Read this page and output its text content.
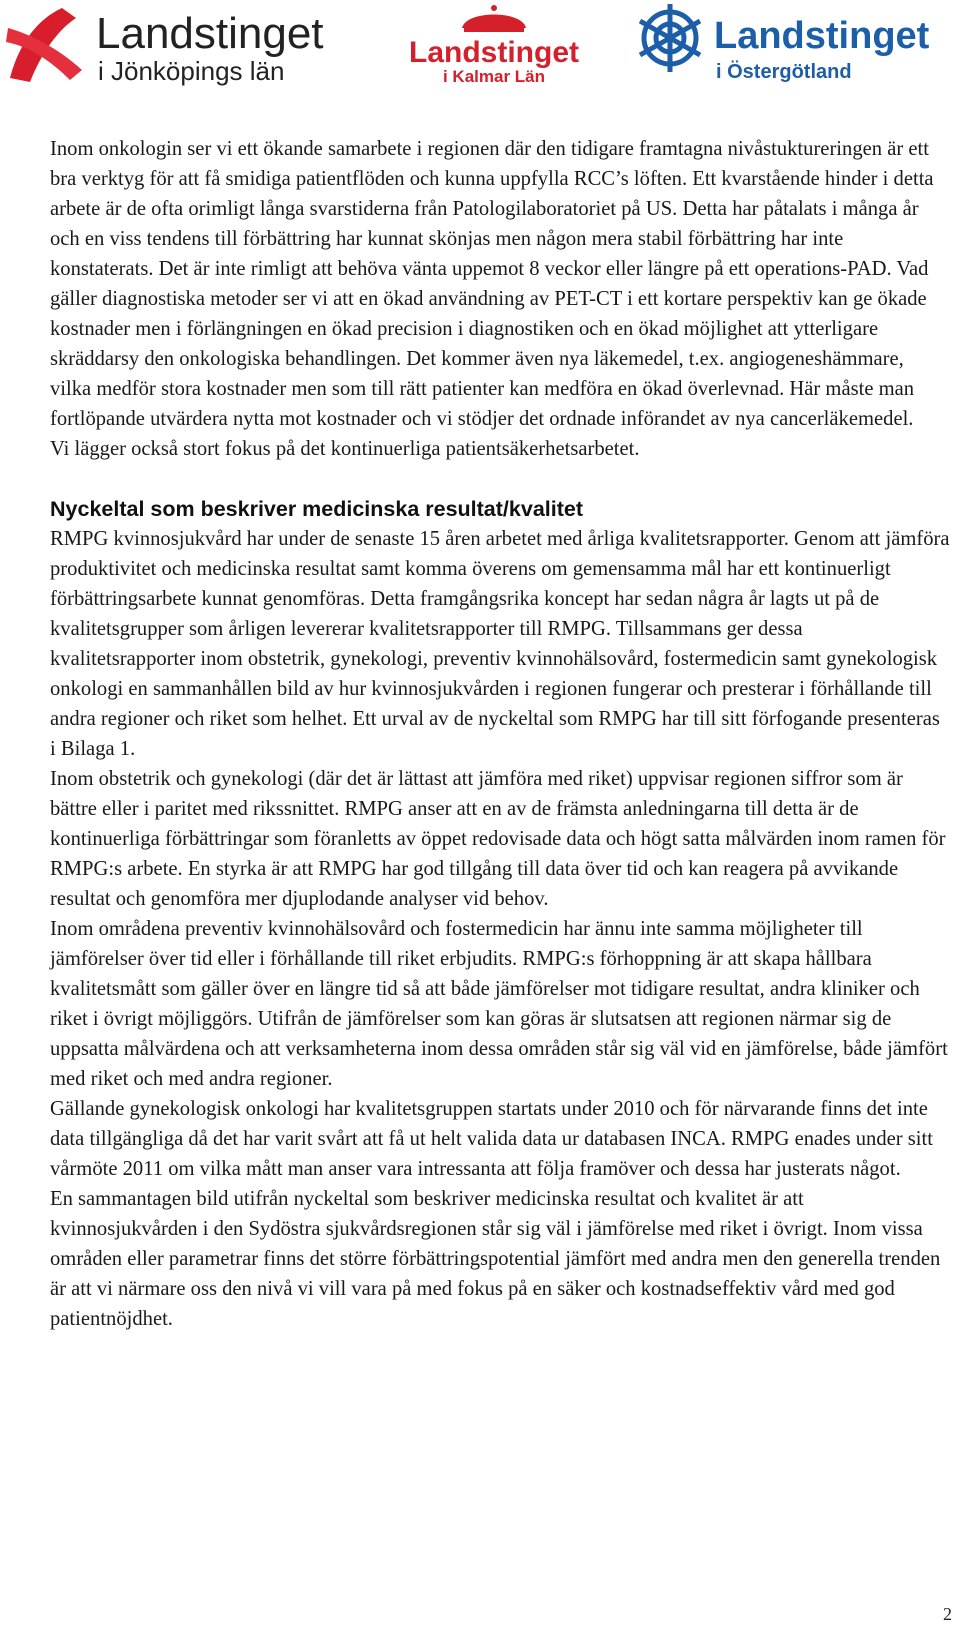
Landstinget
i Jönköpings län
Landstinget
i Kalmar Län
Landstinget
i Östergötland

Inom onkologin ser vi ett ökande samarbete i regionen där den tidigare framtagna nivåstuktureringen är ett bra verktyg för att få smidiga patientflöden och kunna uppfylla RCC’s löften. Ett kvarstående hinder i detta arbete är de ofta orimligt långa svarstiderna från Patologilaboratoriet på US. Detta har påtalats i många år och en viss tendens till förbättring har kunnat skönjas men någon mera stabil förbättring har inte konstaterats. Det är inte rimligt att behöva vänta uppemot 8 veckor eller längre på ett operations-PAD. Vad gäller diagnostiska metoder ser vi att en ökad användning av PET-CT i ett kortare perspektiv kan ge ökade kostnader men i förlängningen en ökad precision i diagnostiken och en ökad möjlighet att ytterligare skräddarsy den onkologiska behandlingen. Det kommer även nya läkemedel, t.ex. angiogeneshämmare, vilka medför stora kostnader men som till rätt patienter kan medföra en ökad överlevnad. Här måste man fortlöpande utvärdera nytta mot kostnader och vi stödjer det ordnade införandet av nya cancerläkemedel.

Vi lägger också stort fokus på det kontinuerliga patientsäkerhetsarbetet.

Nyckeltal som beskriver medicinska resultat/kvalitet

RMPG kvinnosjukvård har under de senaste 15 åren arbetet med årliga kvalitetsrapporter. Genom att jämföra produktivitet och medicinska resultat samt komma överens om gemensamma mål har ett kontinuerligt förbättringsarbete kunnat genomföras. Detta framgångsrika koncept har sedan några år lagts ut på de kvalitetsgrupper som årligen levererar kvalitetsrapporter till RMPG. Tillsammans ger dessa kvalitetsrapporter inom obstetrik, gynekologi, preventiv kvinnohälsovård, fostermedicin samt gynekologisk onkologi en sammanhållen bild av hur kvinnosjukvården i regionen fungerar och presterar i förhållande till andra regioner och riket som helhet. Ett urval av de nyckeltal som RMPG har till sitt förfogande presenteras i Bilaga 1.

Inom obstetrik och gynekologi (där det är lättast att jämföra med riket) uppvisar regionen siffror som är bättre eller i paritet med rikssnittet. RMPG anser att en av de främsta anledningarna till detta är de kontinuerliga förbättringar som föranletts av öppet redovisade data och högt satta målvärden inom ramen för RMPG:s arbete. En styrka är att RMPG har god tillgång till data över tid och kan reagera på avvikande resultat och genomföra mer djuplodande analyser vid behov.

Inom områdena preventiv kvinnohälsovård och fostermedicin har ännu inte samma möjligheter till jämförelser över tid eller i förhållande till riket erbjudits. RMPG:s förhoppning är att skapa hållbara kvalitetsmått som gäller över en längre tid så att både jämförelser mot tidigare resultat, andra kliniker och riket i övrigt möjliggörs. Utifrån de jämförelser som kan göras är slutsatsen att regionen närmar sig de uppsatta målvärdena och att verksamheterna inom dessa områden står sig väl vid en jämförelse, både jämfört med riket och med andra regioner.

Gällande gynekologisk onkologi har kvalitetsgruppen startats under 2010 och för närvarande finns det inte data tillgängliga då det har varit svårt att få ut helt valida data ur databasen INCA. RMPG enades under sitt vårmöte 2011 om vilka mått man anser vara intressanta att följa framöver och dessa har justerats något.

En sammantagen bild utifrån nyckeltal som beskriver medicinska resultat och kvalitet är att kvinnosjukvården i den Sydöstra sjukvårdsregionen står sig väl i jämförelse med riket i övrigt. Inom vissa områden eller parametrar finns det större förbättringspotential jämfört med andra men den generella trenden är att vi närmare oss den nivå vi vill vara på med fokus på en säker och kostnadseffektiv vård med god patientnöjdhet.

2
